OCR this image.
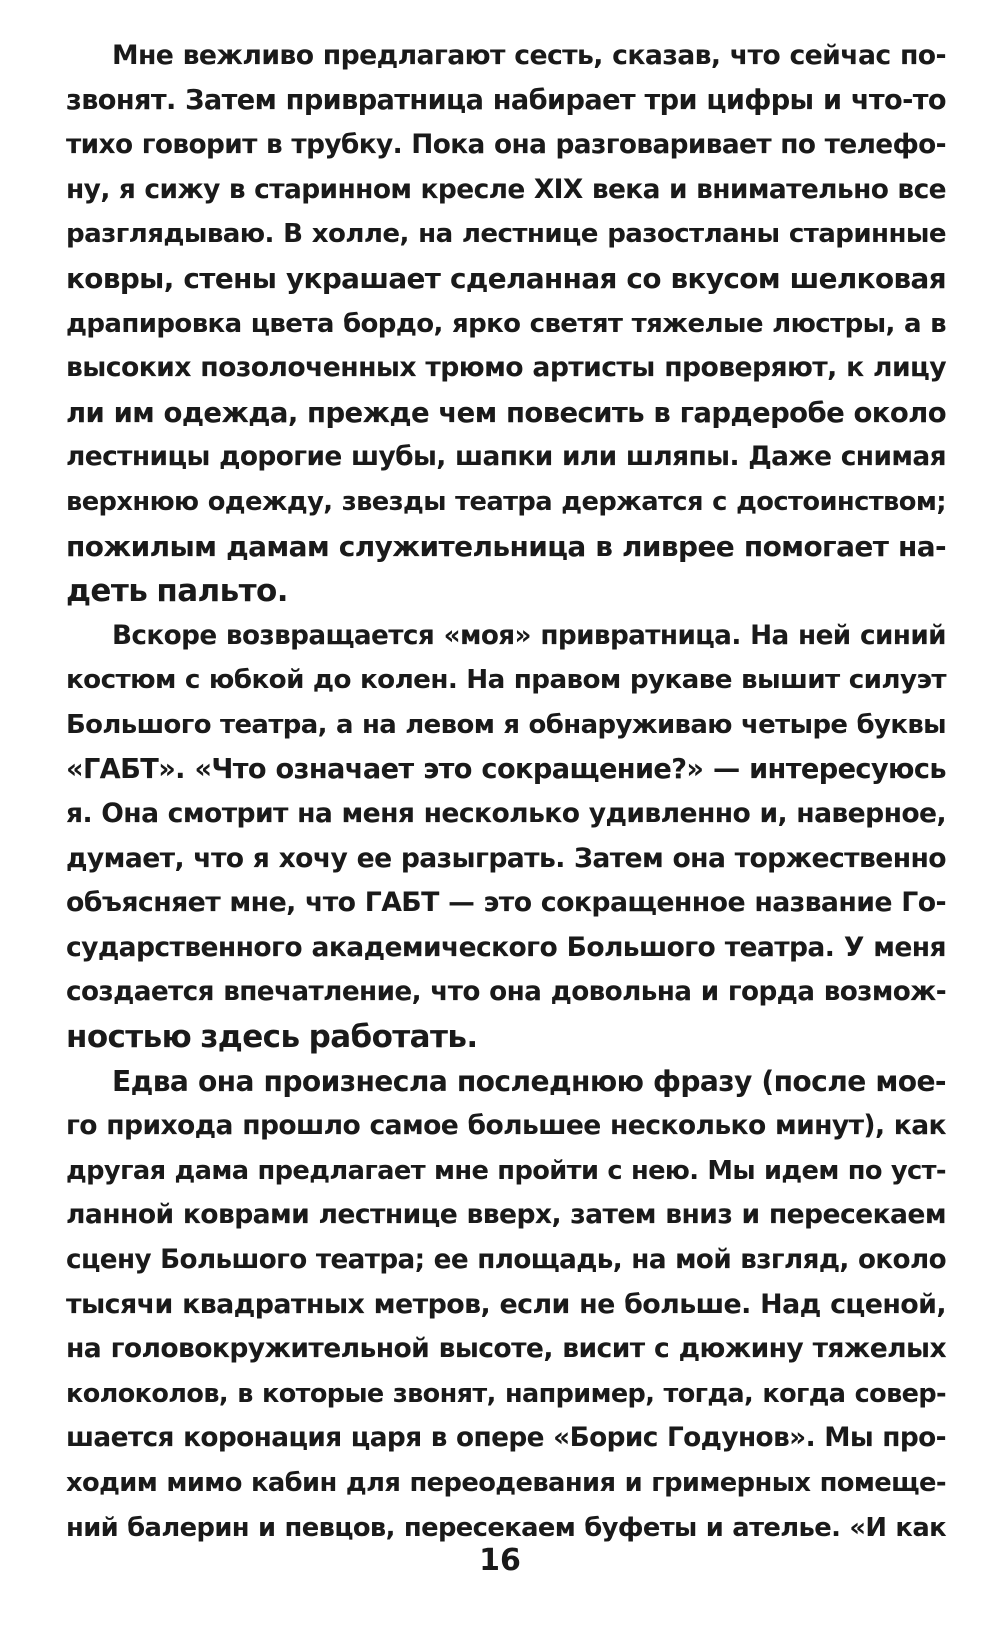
Мне вежливо предлагают сесть, сказав, что сейчас по-
звонят. Затем привратница набирает три цифры и что-то
тихо говорит в трубку. Пока она разговаривает по телефо-
ну, я сижу в старинном кресле XIX века и внимательно все
разглядываю. В холле, на лестнице разостланы старинные
ковры, стены украшает сделанная со вкусом шелковая
драпировка цвета бордо, ярко светят тяжелые люстры, а в
высоких позолоченных трюмо артисты проверяют, к лицу
ли им одежда, прежде чем повесить в гардеробе около
лестницы дорогие шубы, шапки или шляпы. Даже снимая
верхнюю одежду, звезды театра держатся с достоинством;
пожилым дамам служительница в ливрее помогает на-
деть пальто.
Вскоре возвращается «моя» привратница. На ней синий
костюм с юбкой до колен. На правом рукаве вышит силуэт
Большого театра, а на левом я обнаруживаю четыре буквы
«ГАБТ». «Что означает это сокращение?» — интересуюсь
я. Она смотрит на меня несколько удивленно и, наверное,
думает, что я хочу ее разыграть. Затем она торжественно
объясняет мне, что ГАБТ — это сокращенное название Го-
сударственного академического Большого театра. У меня
создается впечатление, что она довольна и горда возмож-
ностью здесь работать.
Едва она произнесла последнюю фразу (после мое-
го прихода прошло самое большее несколько минут), как
другая дама предлагает мне пройти с нею. Мы идем по уст-
ланной коврами лестнице вверх, затем вниз и пересекаем
сцену Большого театра; ее площадь, на мой взгляд, около
тысячи квадратных метров, если не больше. Над сценой,
на головокружительной высоте, висит с дюжину тяжелых
колоколов, в которые звонят, например, тогда, когда совер-
шается коронация царя в опере «Борис Годунов». Мы про-
ходим мимо кабин для переодевания и гримерных помеще-
ний балерин и певцов, пересекаем буфеты и ателье. «И как
16
